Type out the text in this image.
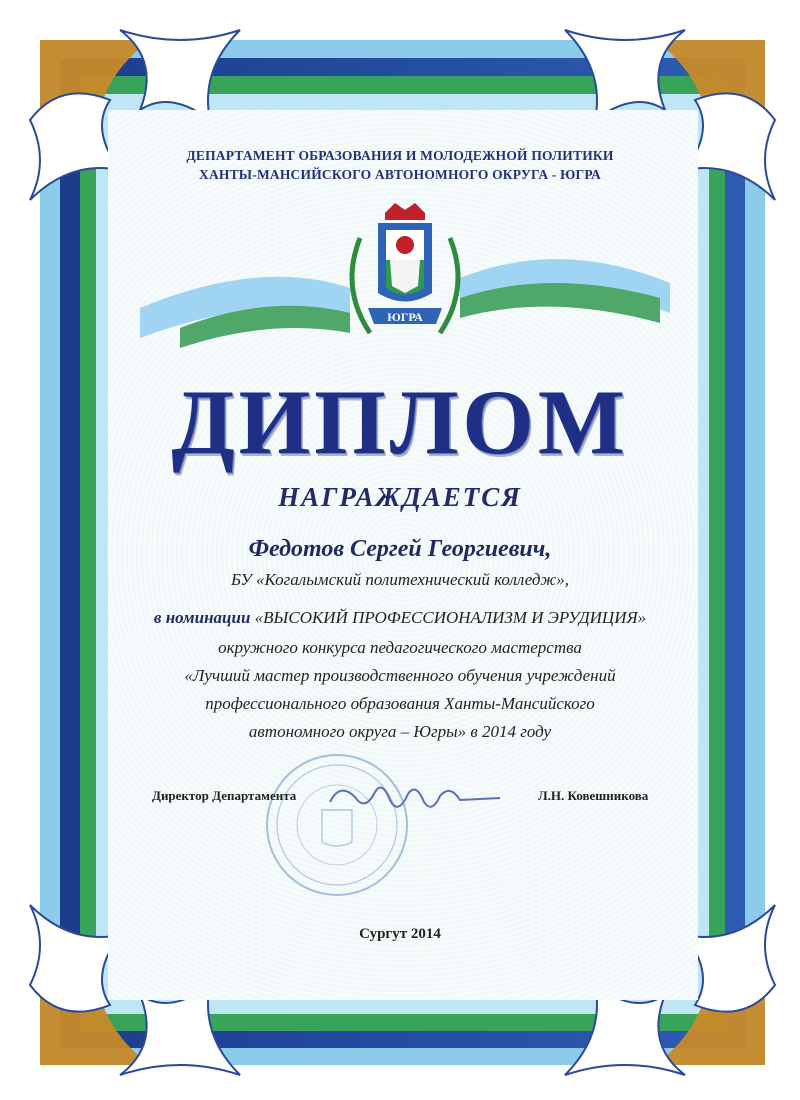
ДЕПАРТАМЕНТ ОБРАЗОВАНИЯ И МОЛОДЕЖНОЙ ПОЛИТИКИ
ХАНТЫ-МАНСИЙСКОГО АВТОНОМНОГО ОКРУГА - ЮГРА
ЮГРА
ДИПЛОМ
НАГРАЖДАЕТСЯ
Федотов Сергей Георгиевич,
БУ «Когалымский политехнический колледж»,
в номинации «ВЫСОКИЙ ПРОФЕССИОНАЛИЗМ И ЭРУДИЦИЯ»
окружного конкурса педагогического мастерства
«Лучший мастер производственного обучения учреждений
профессионального образования Ханты-Мансийского
автономного округа – Югры» в 2014 году
Директор Департамента	Л.Н. Ковешникова
Сургут 2014
